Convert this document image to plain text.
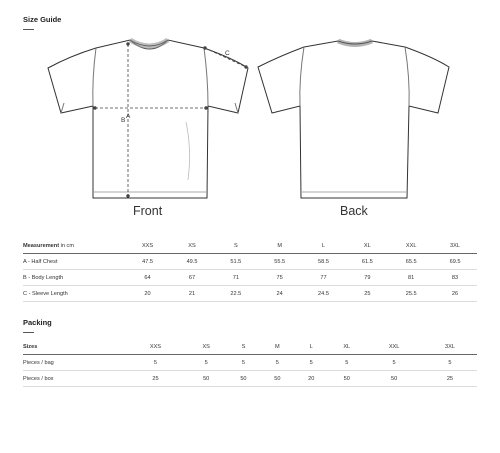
Size Guide
A
B
C
Front	Back
Measurement in cm	XXS	XS	S	M	L	XL	XXL	3XL
A - Half Chest	47.5	49.5	51.5	55.5	58.5	61.5	65.5	69.5
B - Body Length	64	67	71	75	77	79	81	83
C - Sleeve Length	20	21	22.5	24	24.5	25	25.5	26
Packing
Sizes	XXS	XS	S	M	L	XL	XXL	3XL
Pieces / bag	5	5	5	5	5	5	5	5
Pieces / box	25	50	50	50	20	50	50	25
